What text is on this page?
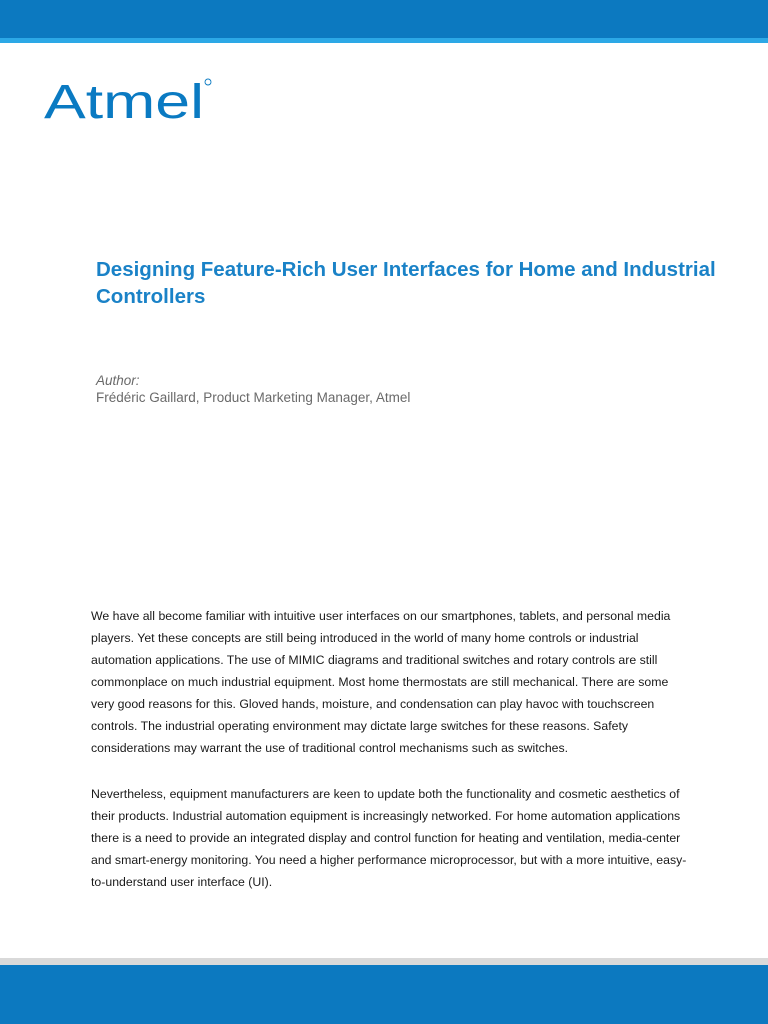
Atmel
Designing Feature-Rich User Interfaces for Home and Industrial Controllers
Author:
Frédéric Gaillard, Product Marketing Manager, Atmel

We have all become familiar with intuitive user interfaces on our smartphones, tablets, and personal media players. Yet these concepts are still being introduced in the world of many home controls or industrial automation applications. The use of MIMIC diagrams and traditional switches and rotary controls are still commonplace on much industrial equipment. Most home thermostats are still mechanical. There are some very good reasons for this. Gloved hands, moisture, and condensation can play havoc with touchscreen controls. The industrial operating environment may dictate large switches for these reasons. Safety considerations may warrant the use of traditional control mechanisms such as switches.

Nevertheless, equipment manufacturers are keen to update both the functionality and cosmetic aesthetics of their products. Industrial automation equipment is increasingly networked. For home automation applications there is a need to provide an integrated display and control function for heating and ventilation, media-center and smart-energy monitoring. You need a higher performance microprocessor, but with a more intuitive, easy-to-understand user interface (UI).
